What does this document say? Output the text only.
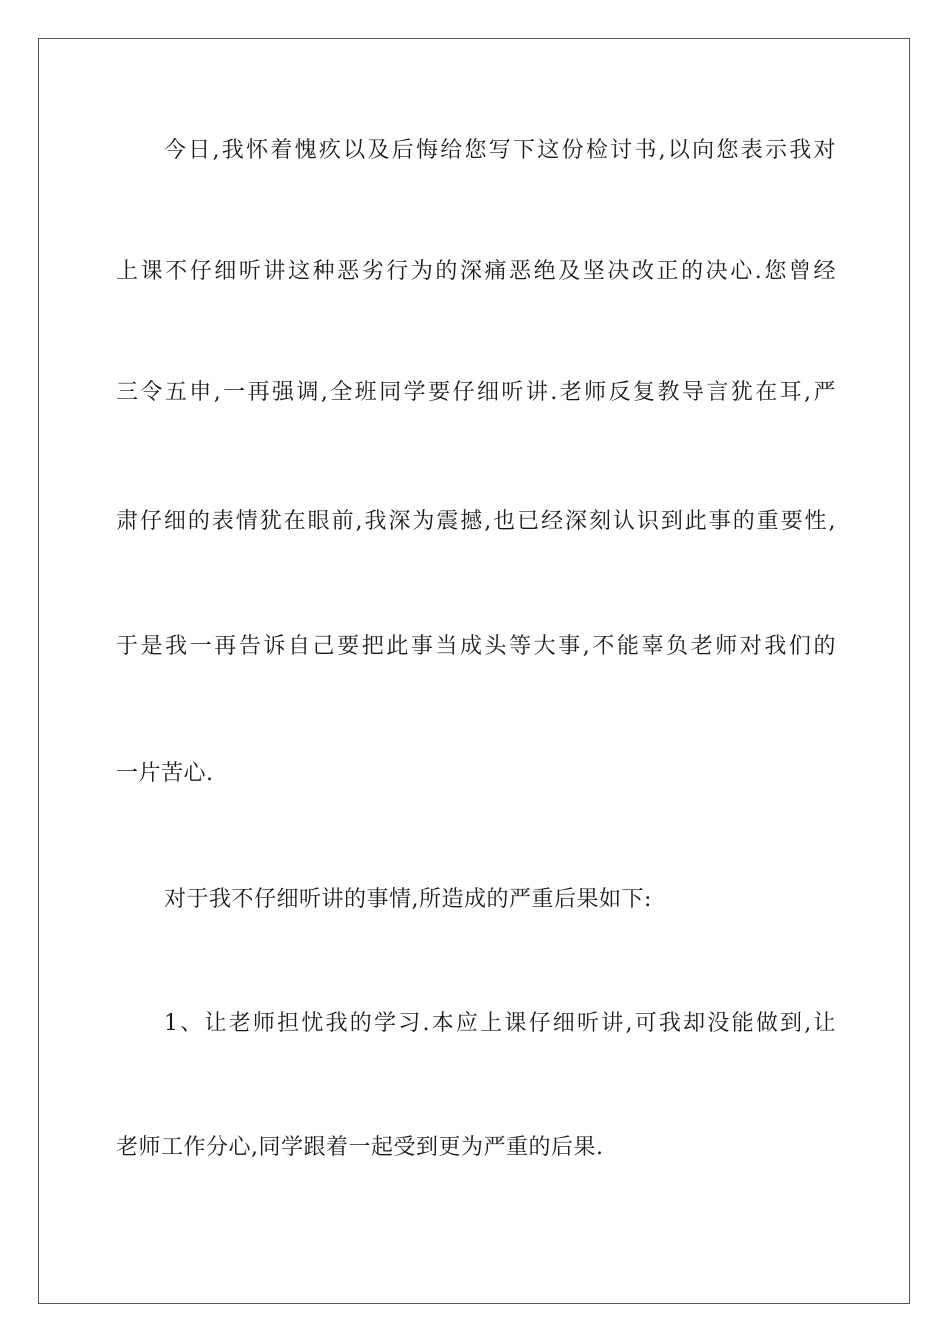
今日,我怀着愧疚以及后悔给您写下这份检讨书,以向您表示我对
上课不仔细听讲这种恶劣行为的深痛恶绝及坚决改正的决心.您曾经
三令五申,一再强调,全班同学要仔细听讲.老师反复教导言犹在耳,严
肃仔细的表情犹在眼前,我深为震撼,也已经深刻认识到此事的重要性,
于是我一再告诉自己要把此事当成头等大事,不能辜负老师对我们的
一片苦心.
对于我不仔细听讲的事情,所造成的严重后果如下:
1、让老师担忧我的学习.本应上课仔细听讲,可我却没能做到,让
老师工作分心,同学跟着一起受到更为严重的后果.
